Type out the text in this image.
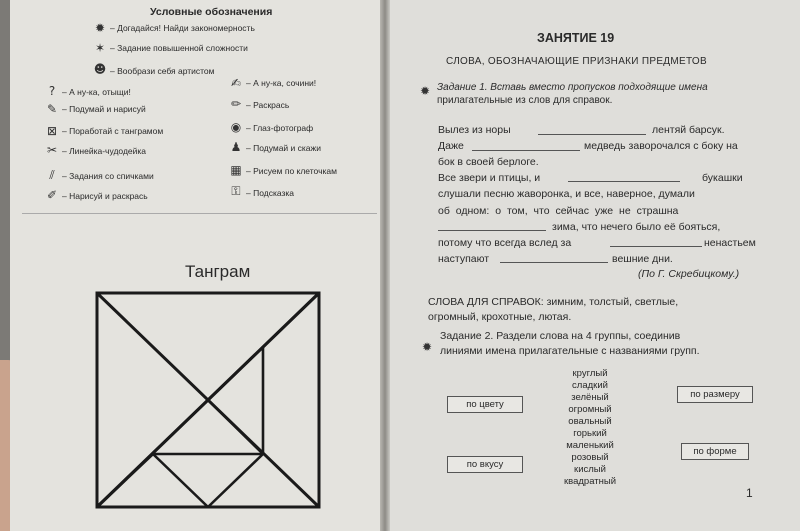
Условные обозначения
✹ – Догадайся! Найди закономерность
✶ – Задание повышенной сложности
☻ – Вообрази себя артистом
? – А ну-ка, отыщи!
✎ – Подумай и нарисуй
⊠ – Поработай с танграмом
✂ – Линейка-чудодейка
⫽ – Задания со спичками
✐ – Нарисуй и раскрась
✍ – А ну-ка, сочини!
✏ – Раскрась
◉ – Глаз-фотограф
♟ – Подумай и скажи
▦ – Рисуем по клеточкам
⚿ – Подсказка
Танграм
ЗАНЯТИЕ 19
СЛОВА, ОБОЗНАЧАЮЩИЕ ПРИЗНАКИ ПРЕДМЕТОВ
✹ Задание 1. Вставь вместо пропусков подходящие имена
прилагательные из слов для справок.
Вылез из норы	лентяй барсук.
Даже	медведь заворочался с боку на
бок в своей берлоге.
Все звери и птицы, и	букашки
слушали песню жаворонка, и все, наверное, думали
об одном: о том, что сейчас уже не страшна
зима, что нечего было её бояться,
потому что всегда вслед за	ненастьем
наступают	вешние дни.
(По Г. Скребицкому.)
СЛОВА ДЛЯ СПРАВОК: зимним, толстый, светлые,
огромный, крохотные, лютая.
✹
Задание 2. Раздели слова на 4 группы, соединив
линиями имена прилагательные с названиями групп.
по цвету
по размеру
по вкусу
по форме
круглый
сладкий
зелёный
огромный
овальный
горький
маленький
розовый
кислый
квадратный
1
